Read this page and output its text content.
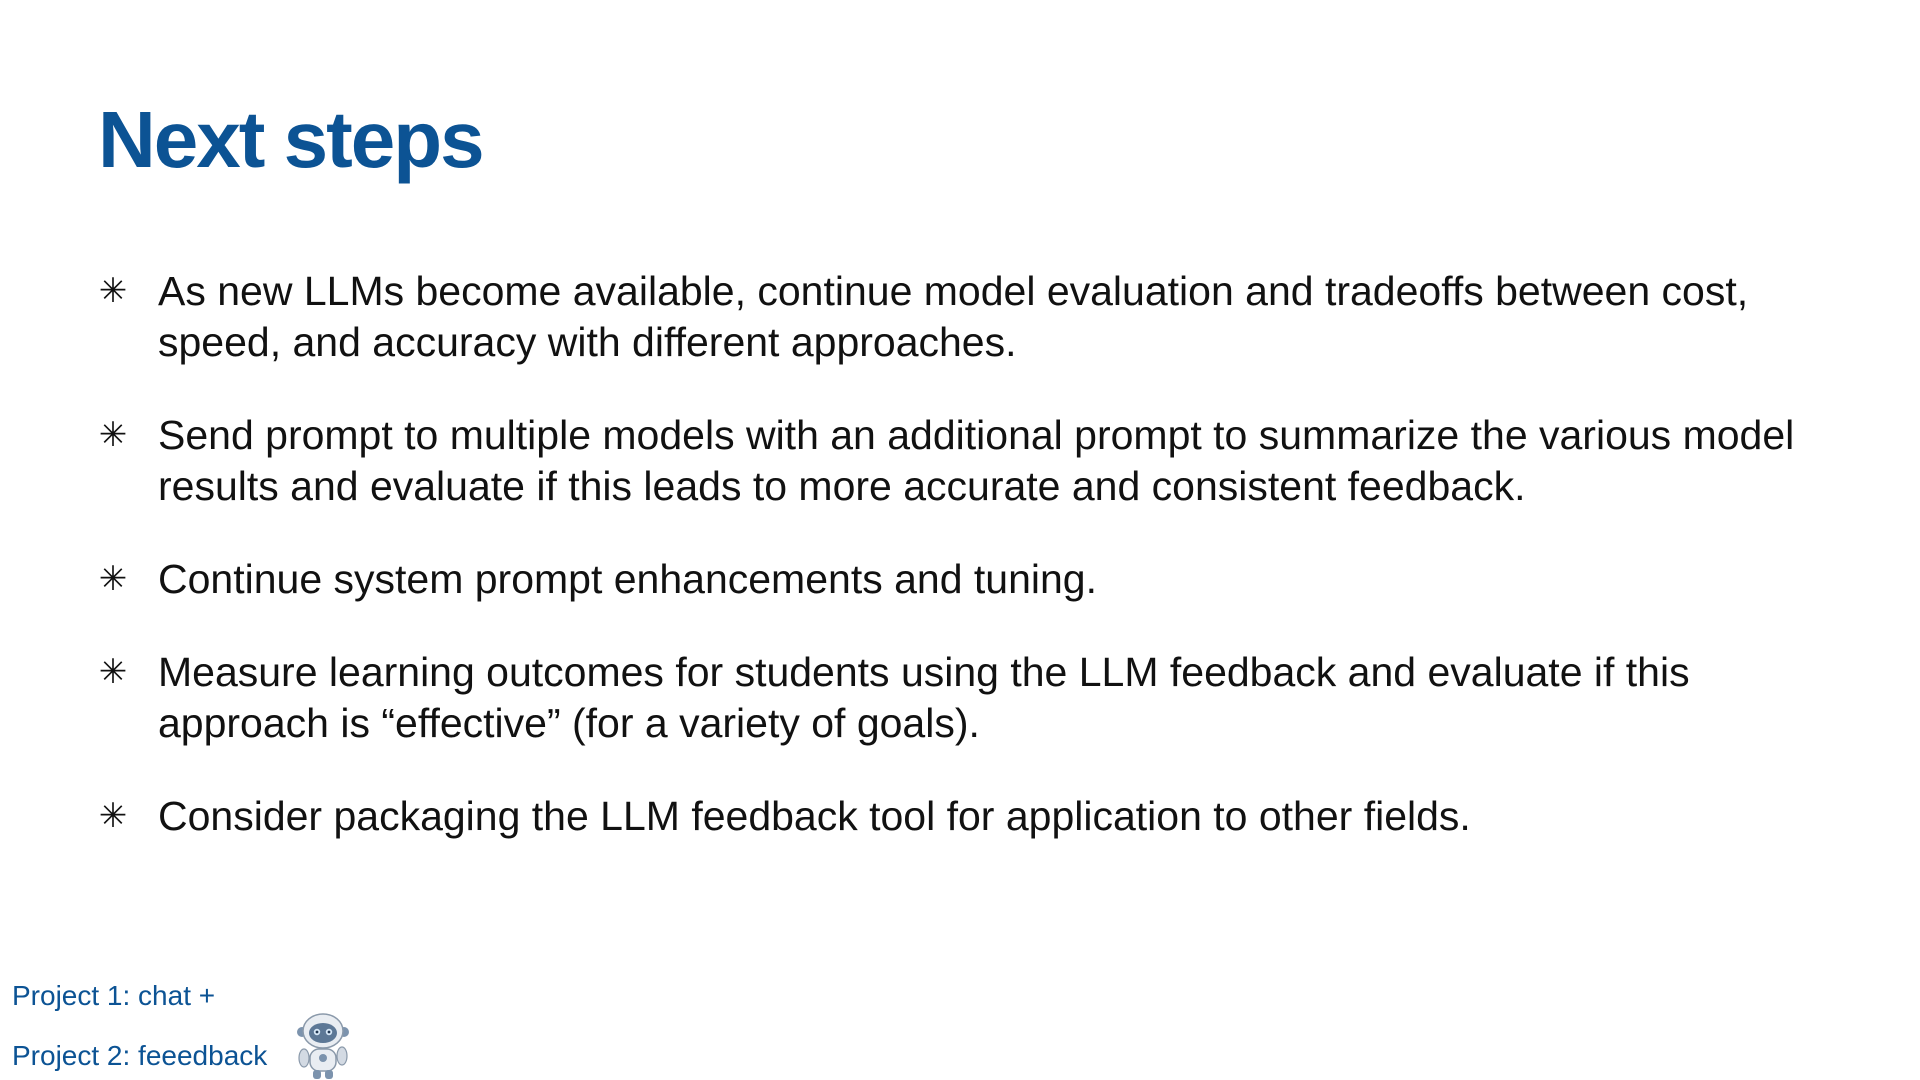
Next steps
✳ As new LLMs become available, continue model evaluation and tradeoffs between cost, speed, and accuracy with different approaches.
✳ Send prompt to multiple models with an additional prompt to summarize the various model results and evaluate if this leads to more accurate and consistent feedback.
✳ Continue system prompt enhancements and tuning.
✳ Measure learning outcomes for students using the LLM feedback and evaluate if this approach is “effective” (for a variety of goals).
✳ Consider packaging the LLM feedback tool for application to other fields.
Project 1: chat +
Project 2: feeedback
